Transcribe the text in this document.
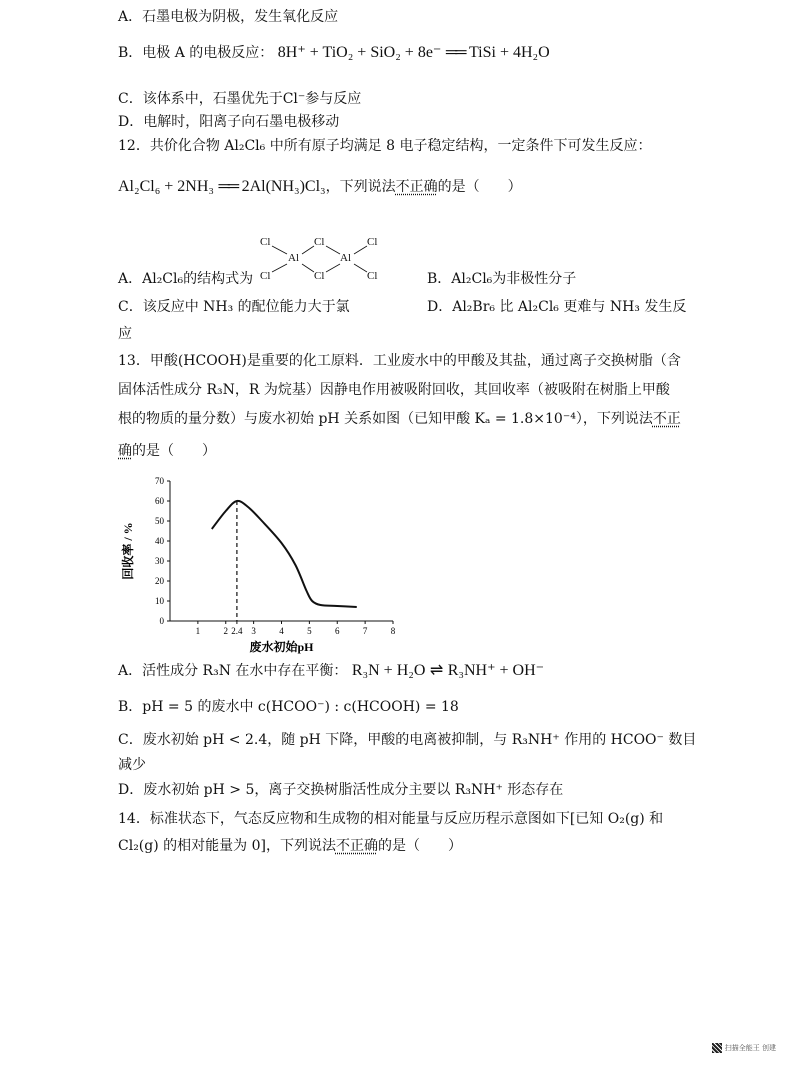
A．石墨电极为阴极，发生氧化反应
B．电极 A 的电极反应： 8H⁺ + TiO₂ + SiO₂ + 8e⁻ ══ TiSi + 4H₂O
C．该体系中，石墨优先于Cl⁻参与反应
D．电解时，阳离子向石墨电极移动
12．共价化合物 Al₂Cl₆ 中所有原子均满足 8 电子稳定结构，一定条件下可发生反应：
Al₂Cl₆ + 2NH₃ ══ 2Al(NH₃)Cl₃，下列说法不正确的是（　　）
Cl	Cl	Cl
Al	Al
Cl	Cl	Cl
A．Al₂Cl₆的结构式为	B．Al₂Cl₆为非极性分子
C．该反应中 NH₃ 的配位能力大于氯	D．Al₂Br₆ 比 Al₂Cl₆ 更难与 NH₃ 发生反
应
13．甲酸(HCOOH)是重要的化工原料．工业废水中的甲酸及其盐，通过离子交换树脂（含
固体活性成分 R₃N，R 为烷基）因静电作用被吸附回收，其回收率（被吸附在树脂上甲酸
根的物质的量分数）与废水初始 pH 关系如图（已知甲酸 Kₐ = 1.8×10⁻⁴），下列说法不正
确的是（　　）
0
10
20
30
40
50
60
70
1	2 2.4 3	4	5	6	7	8
回收率 / %
废水初始pH
A．活性成分 R₃N 在水中存在平衡： R₃N + H₂O ⇌ R₃NH⁺ + OH⁻
B．pH = 5 的废水中 c(HCOO⁻) : c(HCOOH) = 18
C．废水初始 pH < 2.4，随 pH 下降，甲酸的电离被抑制，与 R₃NH⁺ 作用的 HCOO⁻ 数目
减少
D．废水初始 pH > 5，离子交换树脂活性成分主要以 R₃NH⁺ 形态存在
14．标准状态下，气态反应物和生成物的相对能量与反应历程示意图如下[已知 O₂(g) 和
Cl₂(g) 的相对能量为 0]，下列说法不正确的是（　　）
扫描全能王 创建
